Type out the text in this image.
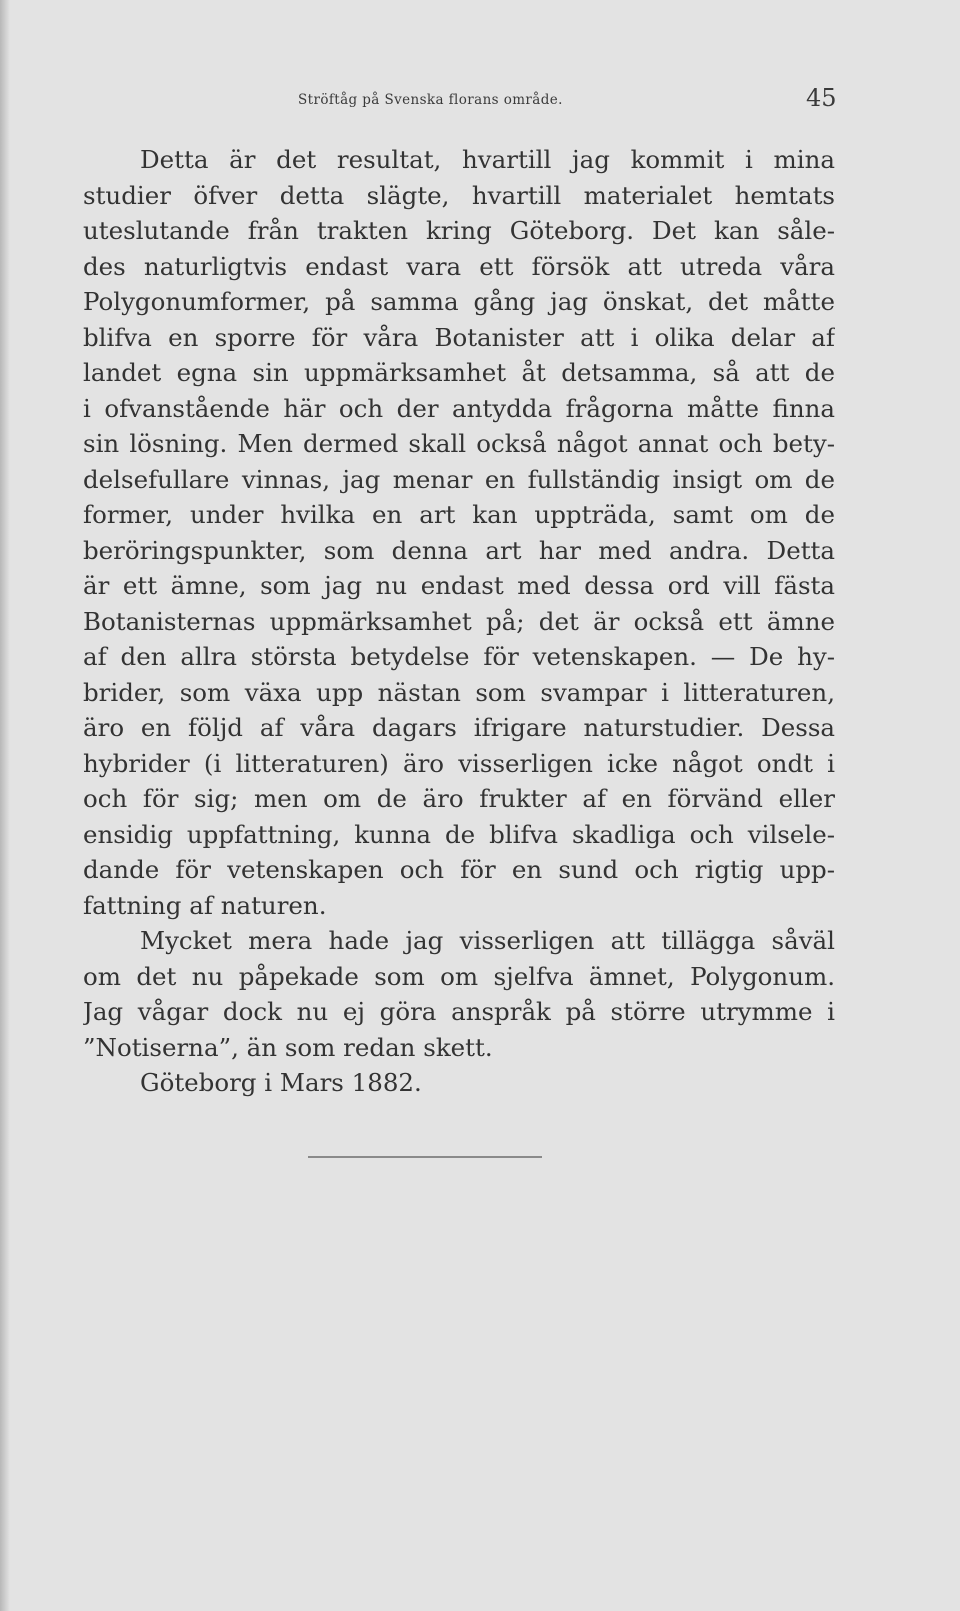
Ströftåg på Svenska florans område.	45
Detta är det resultat, hvartill jag kommit i mina
studier öfver detta slägte, hvartill materialet hemtats
uteslutande från trakten kring Göteborg. Det kan såle-
des naturligtvis endast vara ett försök att utreda våra
Polygonumformer, på samma gång jag önskat, det måtte
blifva en sporre för våra Botanister att i olika delar af
landet egna sin uppmärksamhet åt detsamma, så att de
i ofvanstående här och der antydda frågorna måtte finna
sin lösning. Men dermed skall också något annat och bety-
delsefullare vinnas, jag menar en fullständig insigt om de
former, under hvilka en art kan uppträda, samt om de
beröringspunkter, som denna art har med andra. Detta
är ett ämne, som jag nu endast med dessa ord vill fästa
Botanisternas uppmärksamhet på; det är också ett ämne
af den allra största betydelse för vetenskapen. — De hy-
brider, som växa upp nästan som svampar i litteraturen,
äro en följd af våra dagars ifrigare naturstudier. Dessa
hybrider (i litteraturen) äro visserligen icke något ondt i
och för sig; men om de äro frukter af en förvänd eller
ensidig uppfattning, kunna de blifva skadliga och vilsele-
dande för vetenskapen och för en sund och rigtig upp-
fattning af naturen.
Mycket mera hade jag visserligen att tillägga såväl
om det nu påpekade som om sjelfva ämnet, Polygonum.
Jag vågar dock nu ej göra anspråk på större utrymme i
”Notiserna”, än som redan skett.
Göteborg i Mars 1882.
